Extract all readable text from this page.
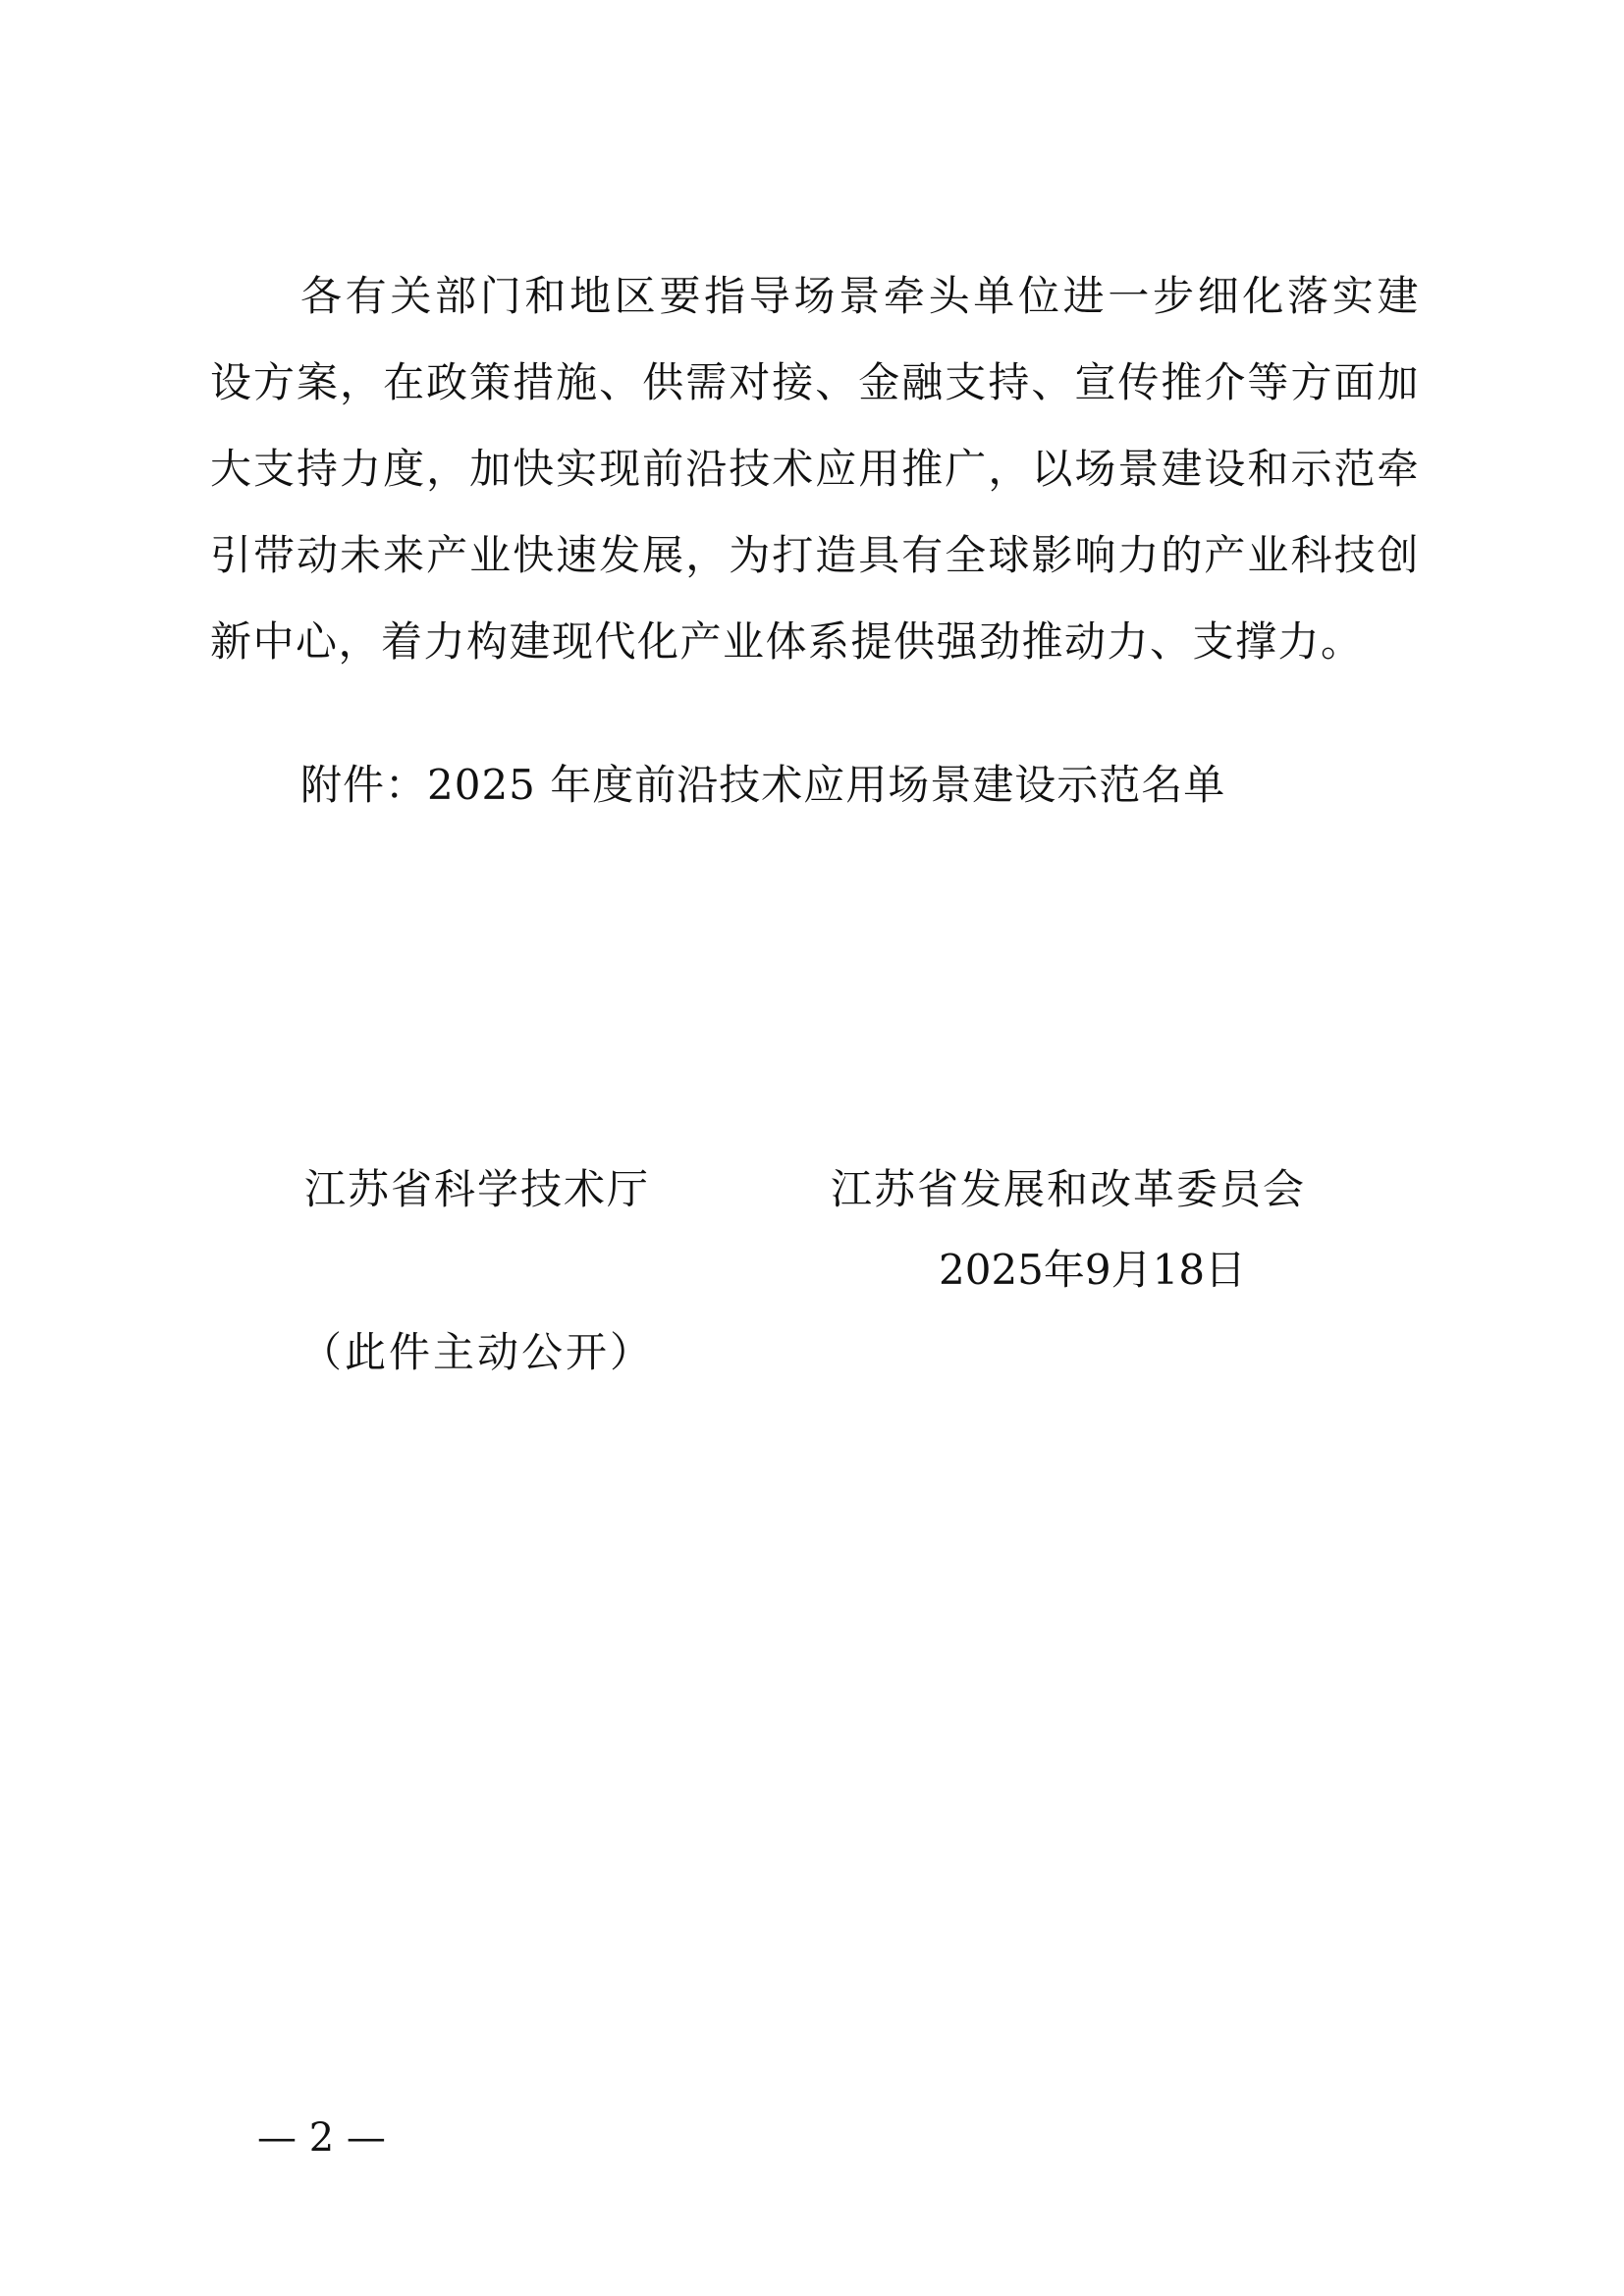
各有关部门和地区要指导场景牵头单位进一步细化落实建
设方案，在政策措施、供需对接、金融支持、宣传推介等方面加
大支持力度，加快实现前沿技术应用推广，以场景建设和示范牵
引带动未来产业快速发展，为打造具有全球影响力的产业科技创
新中心，着力构建现代化产业体系提供强劲推动力、支撑力。
附件：2025 年度前沿技术应用场景建设示范名单
江苏省科学技术厅	江苏省发展和改革委员会
2025年9月18日
（此件主动公开）
— 2 —
